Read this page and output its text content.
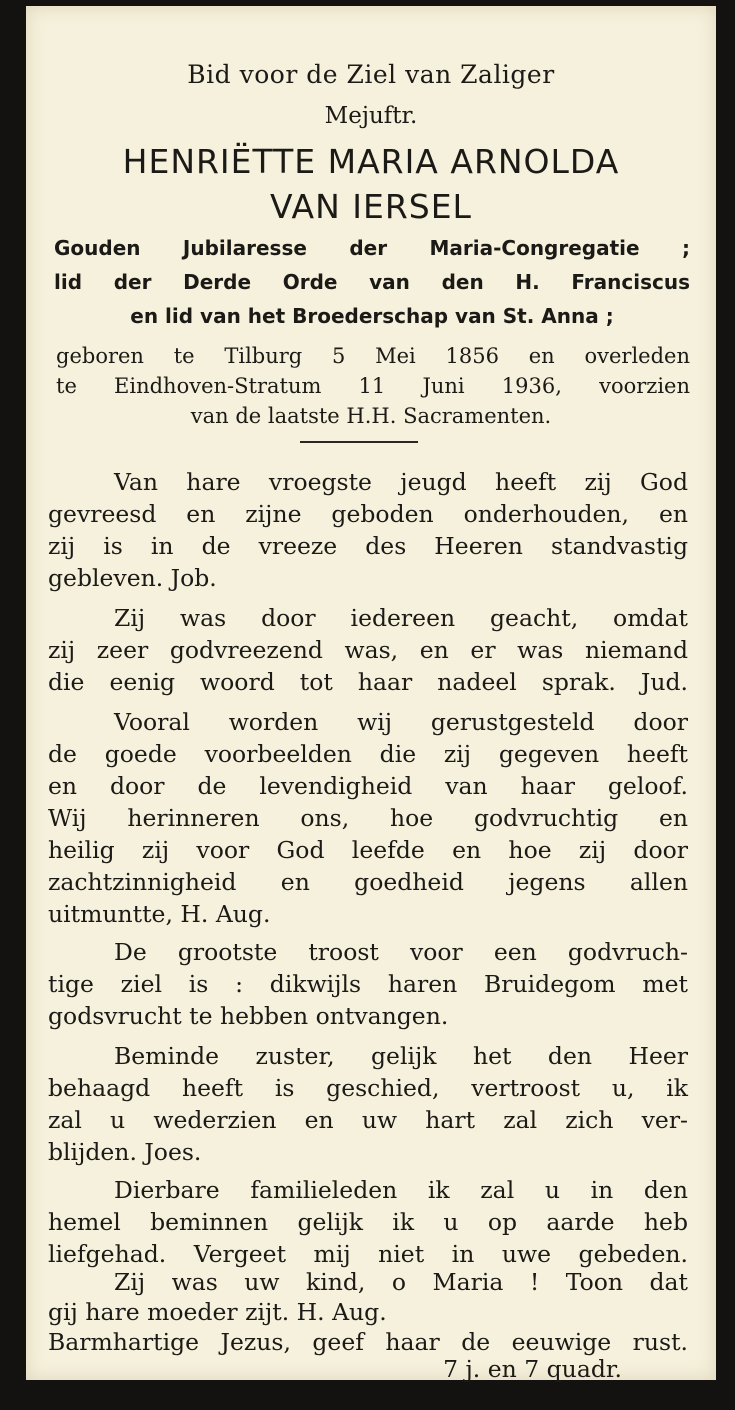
Bid voor de Ziel van Zaliger
Mejuftr.
HENRIËTTE MARIA ARNOLDA
VAN IERSEL
Gouden Jubilaresse der Maria-Congregatie ;
lid der Derde Orde van den H. Franciscus
en lid van het Broederschap van St. Anna ;
geboren te Tilburg 5 Mei 1856 en overleden
te Eindhoven-Stratum 11 Juni 1936, voorzien
van de laatste H.H. Sacramenten.
Van hare vroegste jeugd heeft zij God
gevreesd en zijne geboden onderhouden, en
zij is in de vreeze des Heeren standvastig
gebleven. Job.
Zij was door iedereen geacht, omdat
zij zeer godvreezend was, en er was niemand
die eenig woord tot haar nadeel sprak. Jud.
Vooral worden wij gerustgesteld door
de goede voorbeelden die zij gegeven heeft
en door de levendigheid van haar geloof.
Wij herinneren ons, hoe godvruchtig en
heilig zij voor God leefde en hoe zij door
zachtzinnigheid en goedheid jegens allen
uitmuntte, H. Aug.
De grootste troost voor een godvruch-
tige ziel is : dikwijls haren Bruidegom met
godsvrucht te hebben ontvangen.
Beminde zuster, gelijk het den Heer
behaagd heeft is geschied, vertroost u, ik
zal u wederzien en uw hart zal zich ver-
blijden. Joes.
Dierbare familieleden ik zal u in den
hemel beminnen gelijk ik u op aarde heb
liefgehad. Vergeet mij niet in uwe gebeden.
Zij was uw kind, o Maria ! Toon dat
gij hare moeder zijt. H. Aug.
Barmhartige Jezus, geef haar de eeuwige rust.
7 j. en 7 quadr.
